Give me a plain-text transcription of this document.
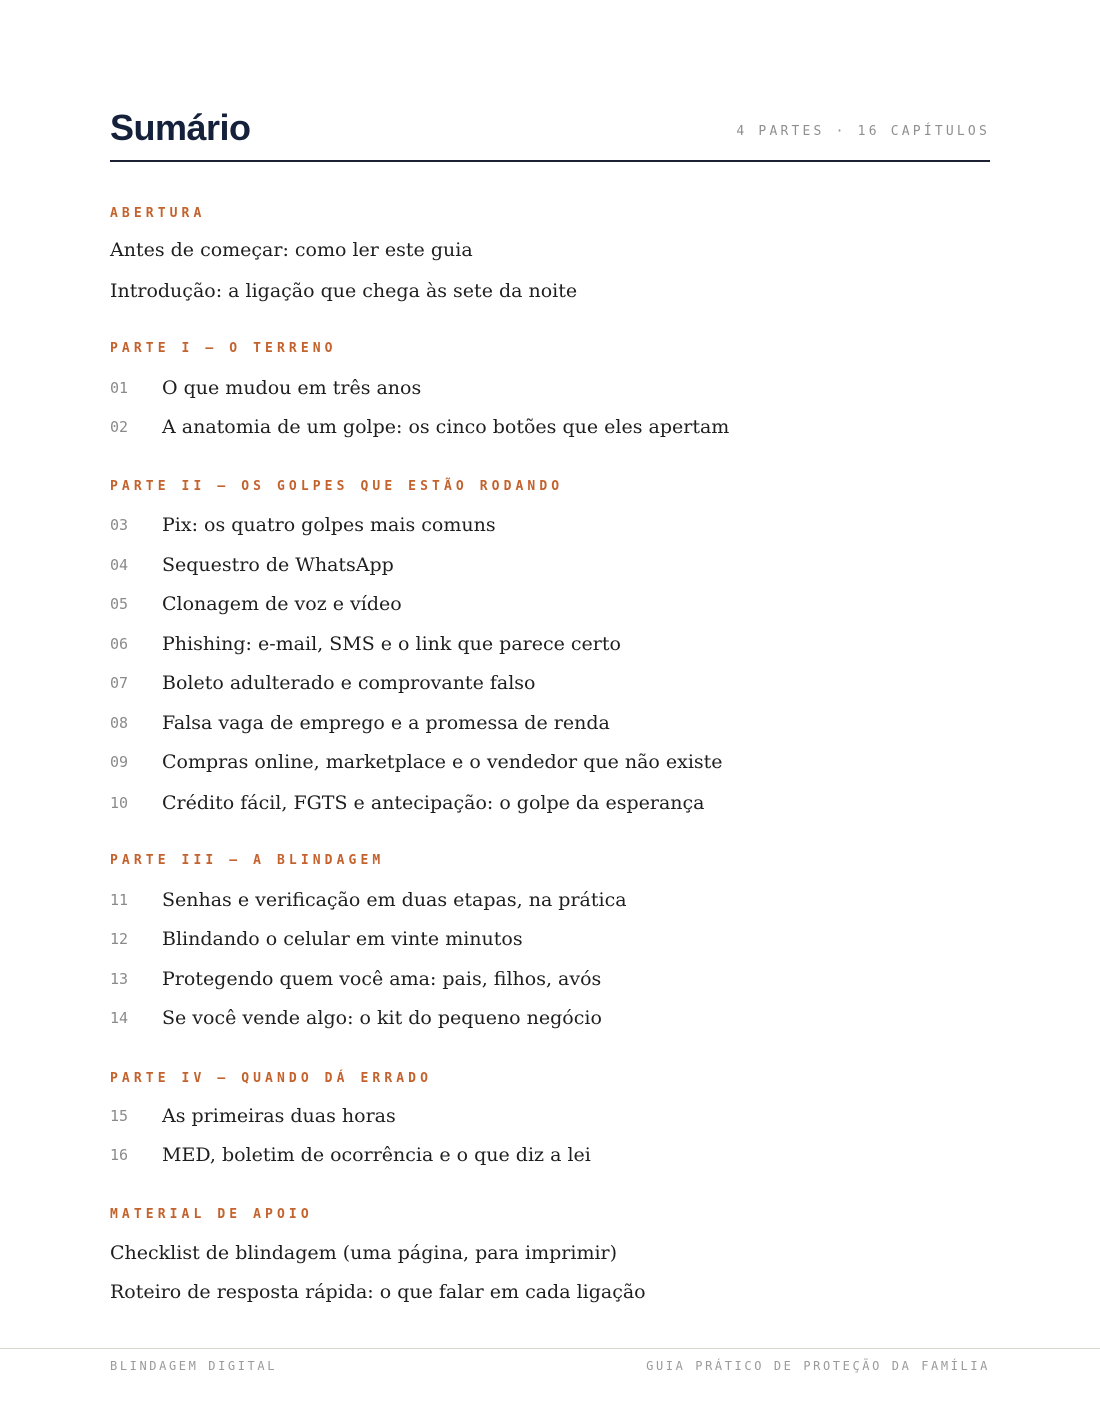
Sumário	4 PARTES · 16 CAPÍTULOS
ABERTURA
Antes de começar: como ler este guia
Introdução: a ligação que chega às sete da noite
PARTE I — O TERRENO
01 O que mudou em três anos
02 A anatomia de um golpe: os cinco botões que eles apertam
PARTE II — OS GOLPES QUE ESTÃO RODANDO
03 Pix: os quatro golpes mais comuns
04 Sequestro de WhatsApp
05 Clonagem de voz e vídeo
06 Phishing: e-mail, SMS e o link que parece certo
07 Boleto adulterado e comprovante falso
08 Falsa vaga de emprego e a promessa de renda
09 Compras online, marketplace e o vendedor que não existe
10 Crédito fácil, FGTS e antecipação: o golpe da esperança
PARTE III — A BLINDAGEM
11 Senhas e verificação em duas etapas, na prática
12 Blindando o celular em vinte minutos
13 Protegendo quem você ama: pais, filhos, avós
14 Se você vende algo: o kit do pequeno negócio
PARTE IV — QUANDO DÁ ERRADO
15 As primeiras duas horas
16 MED, boletim de ocorrência e o que diz a lei
MATERIAL DE APOIO
Checklist de blindagem (uma página, para imprimir)
Roteiro de resposta rápida: o que falar em cada ligação
BLINDAGEM DIGITAL	GUIA PRÁTICO DE PROTEÇÃO DA FAMÍLIA
